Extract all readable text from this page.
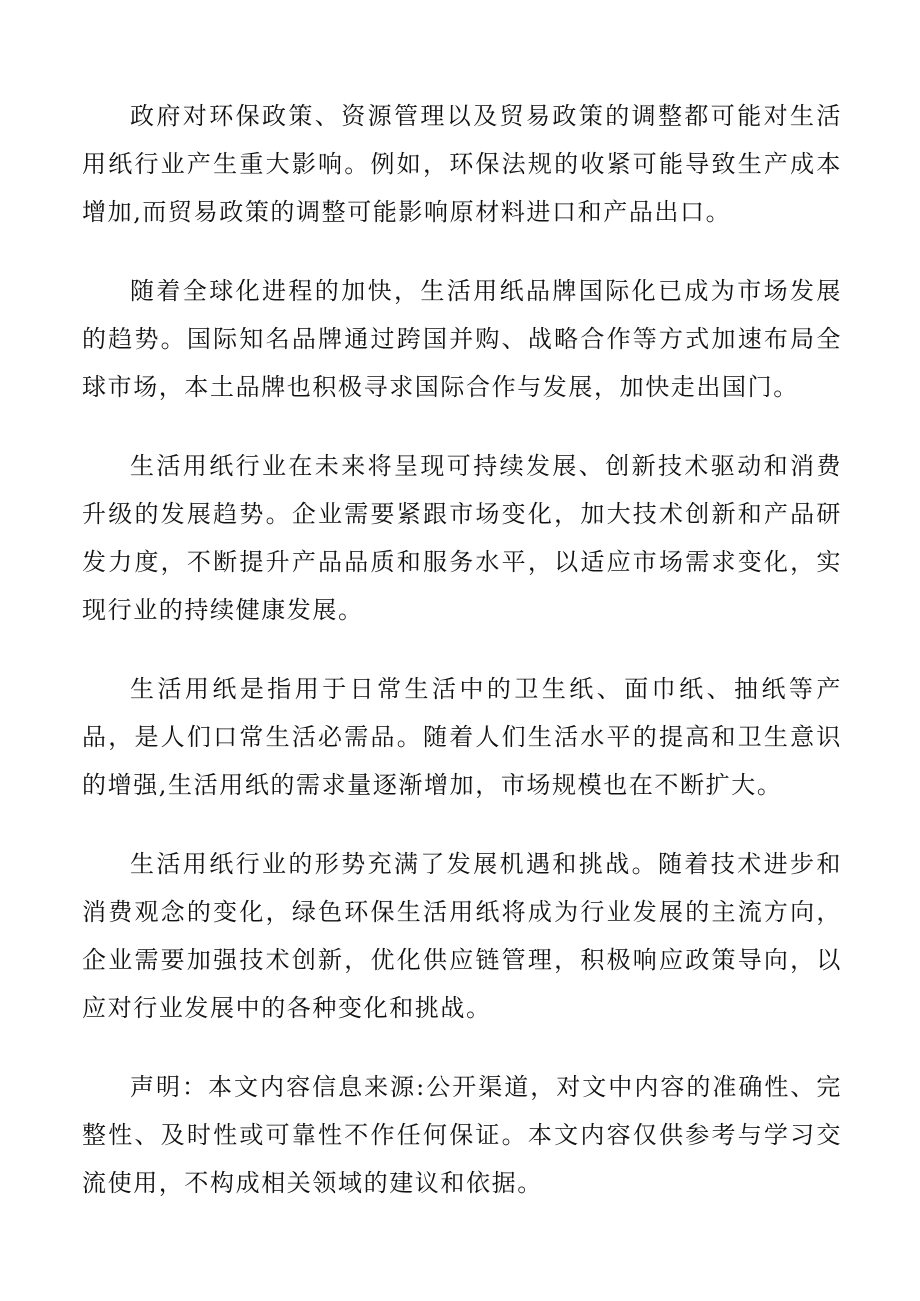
政府对环保政策、资源管理以及贸易政策的调整都可能对生活用纸行业产生重大影响。例如，环保法规的收紧可能导致生产成本增加,而贸易政策的调整可能影响原材料进口和产品出口。

随着全球化进程的加快，生活用纸品牌国际化已成为市场发展的趋势。国际知名品牌通过跨国并购、战略合作等方式加速布局全球市场，本土品牌也积极寻求国际合作与发展，加快走出国门。

生活用纸行业在未来将呈现可持续发展、创新技术驱动和消费升级的发展趋势。企业需要紧跟市场变化，加大技术创新和产品研发力度，不断提升产品品质和服务水平，以适应市场需求变化，实现行业的持续健康发展。

生活用纸是指用于日常生活中的卫生纸、面巾纸、抽纸等产品，是人们口常生活必需品。随着人们生活水平的提高和卫生意识的增强,生活用纸的需求量逐渐增加，市场规模也在不断扩大。

生活用纸行业的形势充满了发展机遇和挑战。随着技术进步和消费观念的变化，绿色环保生活用纸将成为行业发展的主流方向，企业需要加强技术创新，优化供应链管理，积极响应政策导向，以应对行业发展中的各种变化和挑战。

声明：本文内容信息来源:公开渠道，对文中内容的准确性、完整性、及时性或可靠性不作任何保证。本文内容仅供参考与学习交流使用，不构成相关领域的建议和依据。
